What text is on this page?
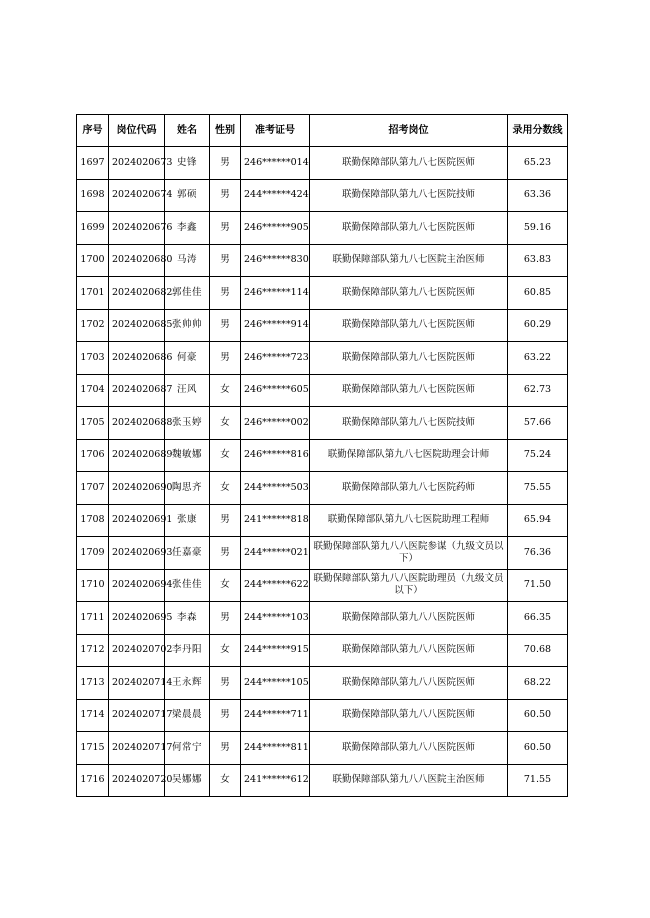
序号	岗位代码	姓名	性别	准考证号	招考岗位	录用分数线
1697	2024020673	史锋	男	246******014	联勤保障部队第九八七医院医师	65.23
1698	2024020674	郭硕	男	244******424	联勤保障部队第九八七医院技师	63.36
1699	2024020676	李鑫	男	246******905	联勤保障部队第九八七医院医师	59.16
1700	2024020680	马涛	男	246******830	联勤保障部队第九八七医院主治医师	63.83
1701	2024020682	郭佳佳	男	246******114	联勤保障部队第九八七医院医师	60.85
1702	2024020685	张帅帅	男	246******914	联勤保障部队第九八七医院医师	60.29
1703	2024020686	何豪	男	246******723	联勤保障部队第九八七医院医师	63.22
1704	2024020687	汪风	女	246******605	联勤保障部队第九八七医院医师	62.73
1705	2024020688	张玉婷	女	246******002	联勤保障部队第九八七医院技师	57.66
1706	2024020689	魏敏娜	女	246******816	联勤保障部队第九八七医院助理会计师	75.24
1707	2024020690	陶思齐	女	244******503	联勤保障部队第九八七医院药师	75.55
1708	2024020691	张康	男	241******818	联勤保障部队第九八七医院助理工程师	65.94
1709	2024020693	任嘉豪	男	244******021	联勤保障部队第九八八医院参谋（九级文员以下）	76.36
1710	2024020694	张佳佳	女	244******622	联勤保障部队第九八八医院助理员（九级文员以下）	71.50
1711	2024020695	李森	男	244******103	联勤保障部队第九八八医院医师	66.35
1712	2024020702	李丹阳	女	244******915	联勤保障部队第九八八医院医师	70.68
1713	2024020714	王永辉	男	244******105	联勤保障部队第九八八医院医师	68.22
1714	2024020717	梁晨晨	男	244******711	联勤保障部队第九八八医院医师	60.50
1715	2024020717	何常宁	男	244******811	联勤保障部队第九八八医院医师	60.50
1716	2024020720	吴娜娜	女	241******612	联勤保障部队第九八八医院主治医师	71.55
